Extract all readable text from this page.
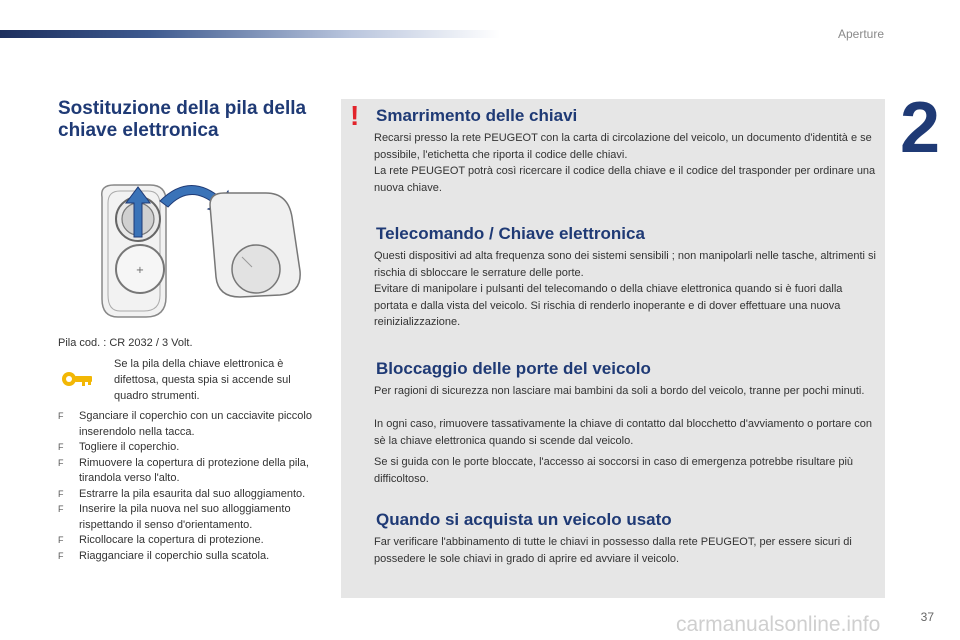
Aperture
2
Sostituzione della pila della
chiave elettronica
+
Pila cod. : CR 2032 / 3 Volt.
Se la pila della chiave elettronica è difettosa, questa spia si accende sul quadro strumenti.
F Sganciare il coperchio con un cacciavite piccolo inserendolo nella tacca.
F Togliere il coperchio.
F Rimuovere la copertura di protezione della pila, tirandola verso l'alto.
F Estrarre la pila esaurita dal suo alloggiamento.
F Inserire la pila nuova nel suo alloggiamento rispettando il senso d'orientamento.
F Ricollocare la copertura di protezione.
F Riagganciare il coperchio sulla scatola.
! Smarrimento delle chiavi

Recarsi presso la rete PEUGEOT con la carta di circolazione del veicolo, un documento d'identità e se possibile, l'etichetta che riporta il codice delle chiavi.

La rete PEUGEOT potrà così ricercare il codice della chiave e il codice del trasponder per ordinare una nuova chiave.

Telecomando / Chiave elettronica

Questi dispositivi ad alta frequenza sono dei sistemi sensibili ; non manipolarli nelle tasche, altrimenti si rischia di sbloccare le serrature delle porte.

Evitare di manipolare i pulsanti del telecomando o della chiave elettronica quando si è fuori dalla portata e dalla vista del veicolo. Si rischia di renderlo inoperante e di dover effettuare una nuova reinizializzazione.

Bloccaggio delle porte del veicolo

Per ragioni di sicurezza non lasciare mai bambini da soli a bordo del veicolo, tranne per pochi minuti.

In ogni caso, rimuovere tassativamente la chiave di contatto dal blocchetto d'avviamento o portare con sè la chiave elettronica quando si scende dal veicolo.

Se si guida con le porte bloccate, l'accesso ai soccorsi in caso di emergenza potrebbe risultare più difficoltoso.

Quando si acquista un veicolo usato

Far verificare l'abbinamento di tutte le chiavi in possesso dalla rete PEUGEOT, per essere sicuri di possedere le sole chiavi in grado di aprire ed avviare il veicolo.

carmanualsonline.info	37
